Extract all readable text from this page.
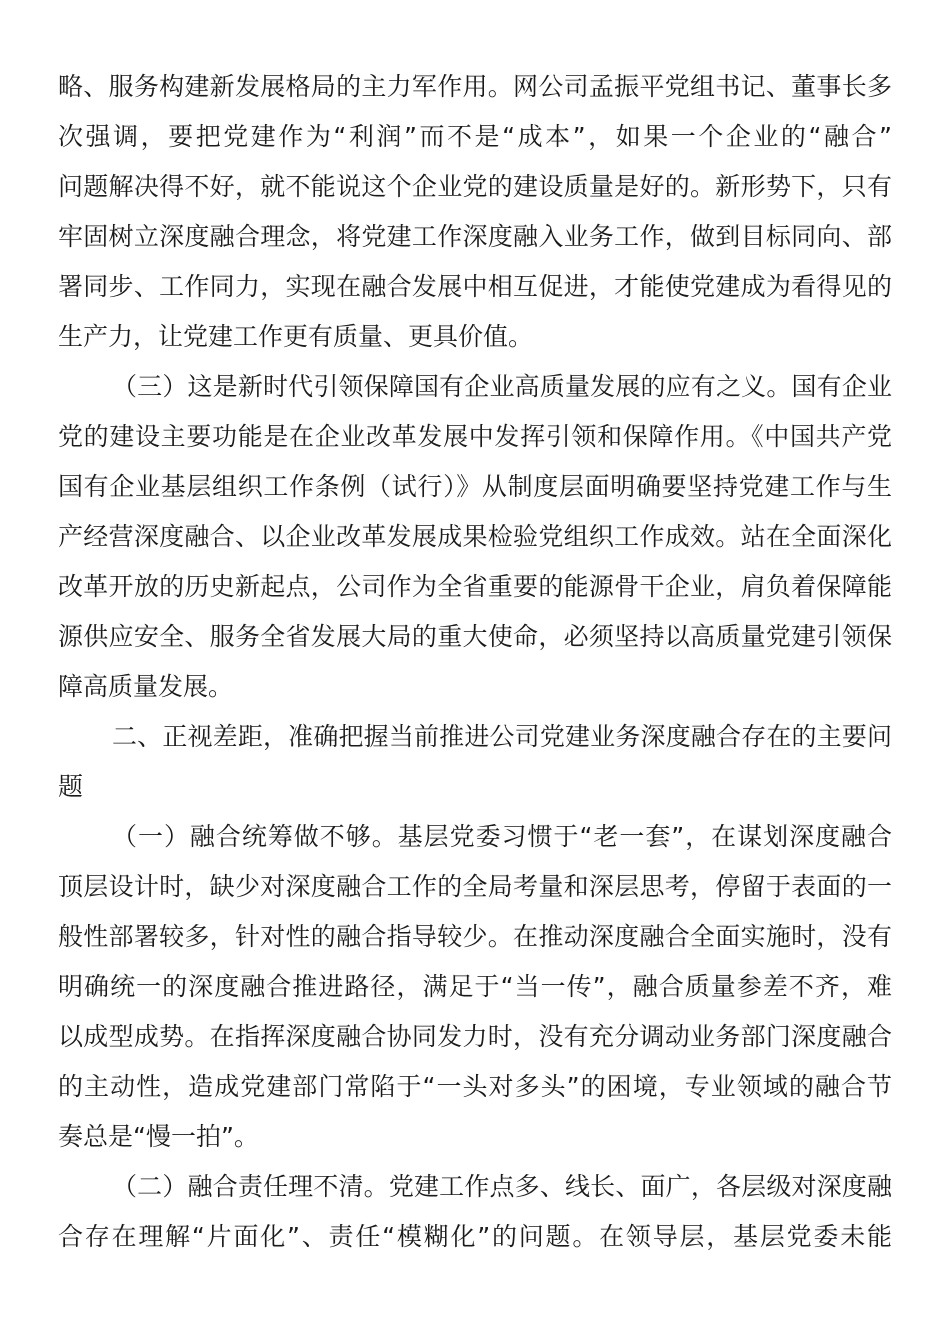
略、服务构建新发展格局的主力军作用。网公司孟振平党组书记、董事长多
次强调，要把党建作为“利润”而不是“成本”，如果一个企业的“融合”
问题解决得不好，就不能说这个企业党的建设质量是好的。新形势下，只有
牢固树立深度融合理念，将党建工作深度融入业务工作，做到目标同向、部
署同步、工作同力，实现在融合发展中相互促进，才能使党建成为看得见的
生产力，让党建工作更有质量、更具价值。
（三）这是新时代引领保障国有企业高质量发展的应有之义。国有企业
党的建设主要功能是在企业改革发展中发挥引领和保障作用。《中国共产党
国有企业基层组织工作条例（试行）》从制度层面明确要坚持党建工作与生
产经营深度融合、以企业改革发展成果检验党组织工作成效。站在全面深化
改革开放的历史新起点，公司作为全省重要的能源骨干企业，肩负着保障能
源供应安全、服务全省发展大局的重大使命，必须坚持以高质量党建引领保
障高质量发展。
二、正视差距，准确把握当前推进公司党建业务深度融合存在的主要问
题
（一）融合统筹做不够。基层党委习惯于“老一套”，在谋划深度融合
顶层设计时，缺少对深度融合工作的全局考量和深层思考，停留于表面的一
般性部署较多，针对性的融合指导较少。在推动深度融合全面实施时，没有
明确统一的深度融合推进路径，满足于“当一传”，融合质量参差不齐，难
以成型成势。在指挥深度融合协同发力时，没有充分调动业务部门深度融合
的主动性，造成党建部门常陷于“一头对多头”的困境，专业领域的融合节
奏总是“慢一拍”。
（二）融合责任理不清。党建工作点多、线长、面广，各层级对深度融
合存在理解“片面化”、责任“模糊化”的问题。在领导层，基层党委未能
